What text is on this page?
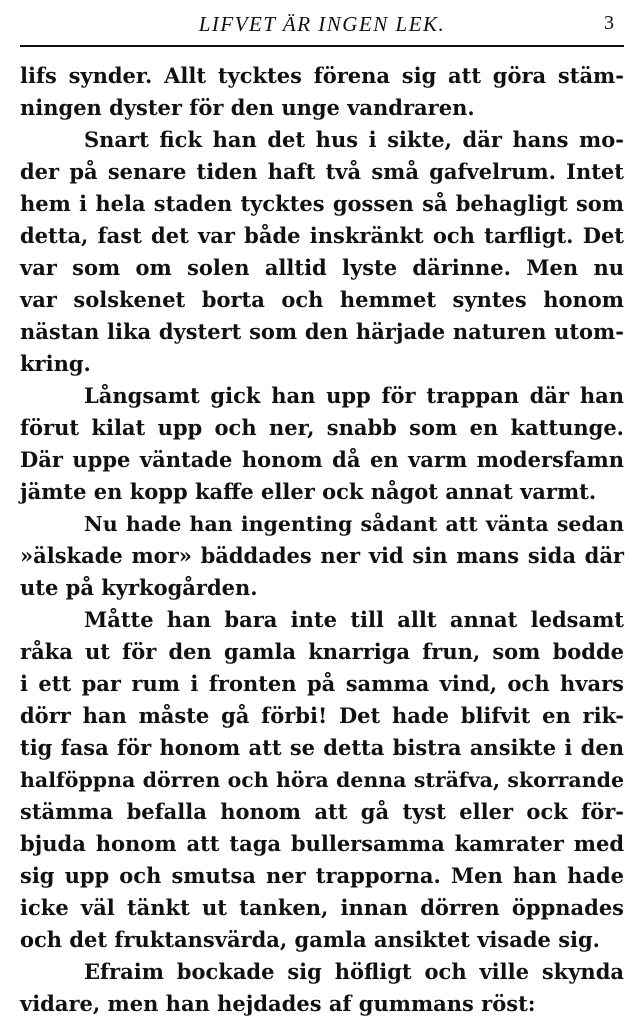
LIFVET ÄR INGEN LEK.	3
lifs synder. Allt tycktes förena sig att göra stäm-
ningen dyster för den unge vandraren.
Snart fick han det hus i sikte, där hans mo-
der på senare tiden haft två små gafvelrum. Intet
hem i hela staden tycktes gossen så behagligt som
detta, fast det var både inskränkt och tarfligt. Det
var som om solen alltid lyste därinne. Men nu
var solskenet borta och hemmet syntes honom
nästan lika dystert som den härjade naturen utom-
kring.
Långsamt gick han upp för trappan där han
förut kilat upp och ner, snabb som en kattunge.
Där uppe väntade honom då en varm modersfamn
jämte en kopp kaffe eller ock något annat varmt.
Nu hade han ingenting sådant att vänta sedan
»älskade mor» bäddades ner vid sin mans sida där
ute på kyrkogården.
Måtte han bara inte till allt annat ledsamt
råka ut för den gamla knarriga frun, som bodde
i ett par rum i fronten på samma vind, och hvars
dörr han måste gå förbi! Det hade blifvit en rik-
tig fasa för honom att se detta bistra ansikte i den
halföppna dörren och höra denna sträfva, skorrande
stämma befalla honom att gå tyst eller ock för-
bjuda honom att taga bullersamma kamrater med
sig upp och smutsa ner trapporna. Men han hade
icke väl tänkt ut tanken, innan dörren öppnades
och det fruktansvärda, gamla ansiktet visade sig.
Efraim bockade sig höfligt och ville skynda
vidare, men han hejdades af gummans röst:
